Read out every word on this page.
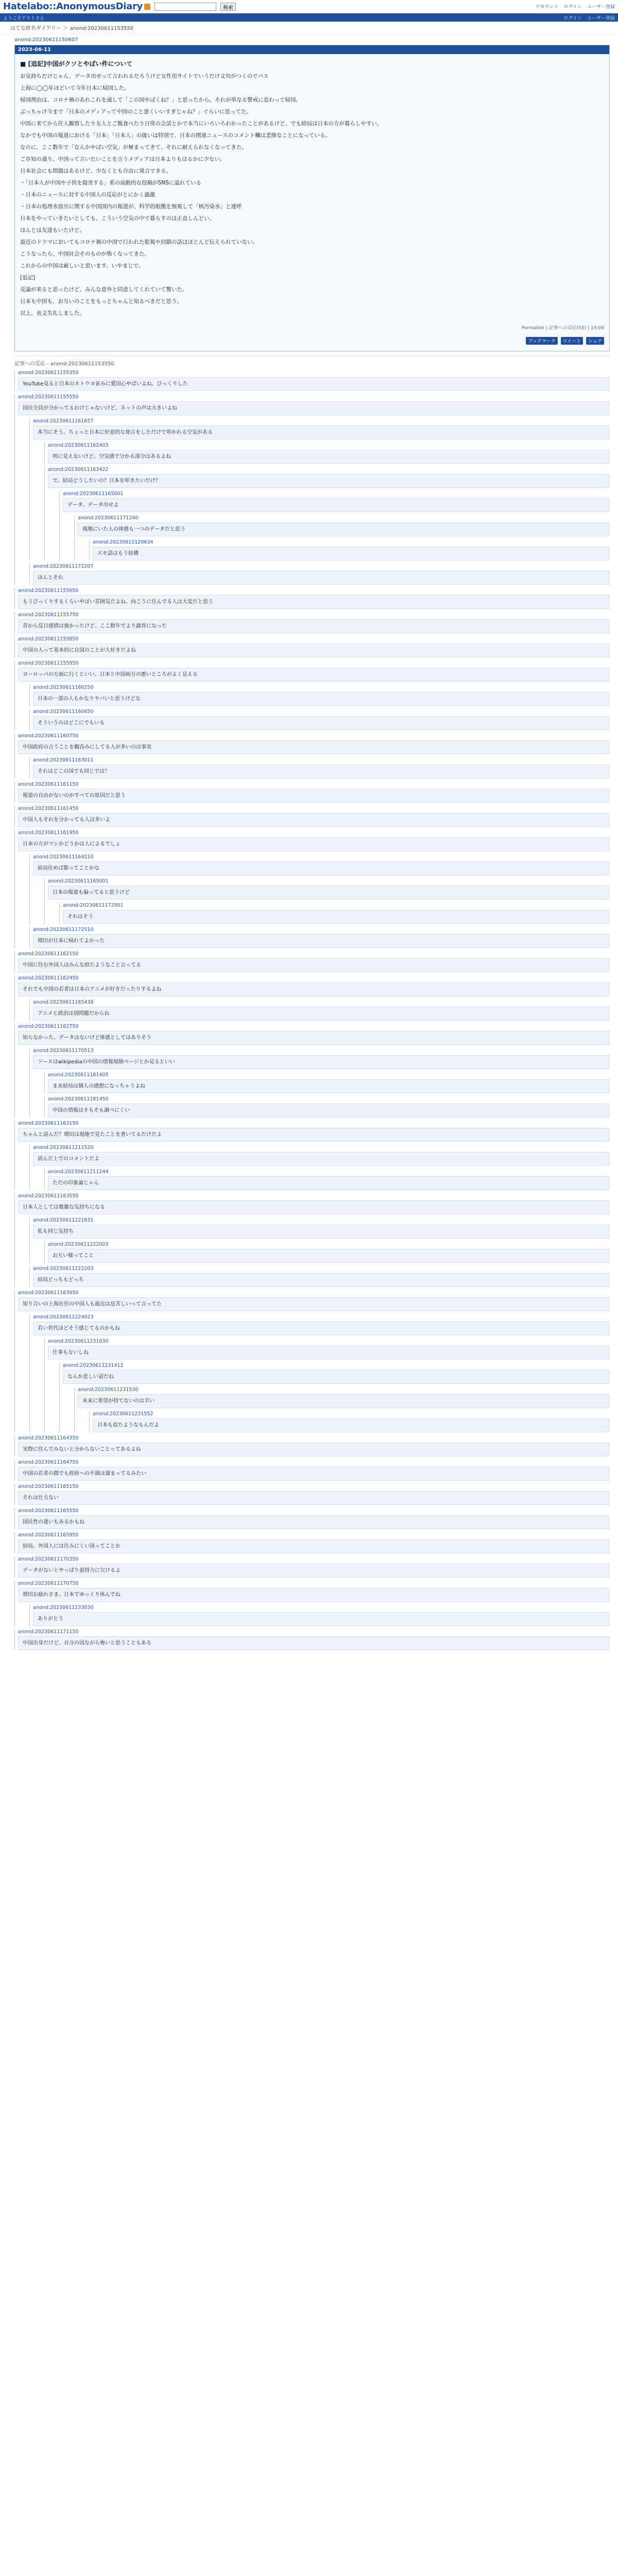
Hatelabo::AnonymousDiary	検索	アカウント ログイン ユーザー登録
ようこそゲストさん	ログイン ユーザー登録
はてな匿名ダイアリー ＞ anond:20230611153550
anond:20230611150607
2023-06-11
■ [追記]中国がクソとやばい件について
お気持ちだけじゃん、データ出せって言われるだろうけど女性用サイトでいうだけ文句がつくのでパス
上海に◯◯年ほどいて今年日本に帰国した。
帰国理由は、コロナ禍のあれこれを通して「この国やばくね？」と思ったから。それが単なる警戒に変わって帰国。
ぶっちゃけ今まで「日本のメディアって中国のこと悪くいいすぎじゃね？」ぐらいに思ってた。
中国に来てから住人観察したり友人とご飯食べたり日常の会話とかで本当にいろいろわかったことがあるけど、でも結局は日本の方が暮らしやすい。
なかでも中国の報道における「日本」「日本人」の扱いは特別で、日本の関連ニュースのコメント欄は悲惨なことになっている。
なのに、ここ数年で「なんかやばい空気」が極まってきて、それに耐えられなくなってきた。
ご存知の通り、中国って言いたいことを言うメディアは日本よりもはるかに少ない。
日本社会にも問題はあるけど、少なくとも自由に発言できる。
・「日本人が中国や子供を殺害する」系の扇動的な投稿がSNSに溢れている
・日本のニュースに対する中国人の反応がとにかく過激
・日本の処理水放出に関する中国国内の報道が、科学的根拠を無視して「核汚染水」と連呼
日本をやっていきたいとしても、こういう空気の中で暮らすのは正直しんどい。
ほんとは友達もいたけど。
最近のドラマにおいてもコロナ禍の中国で行われた監視や封鎖の話はほとんど伝えられていない。
こうなったら、中国社会そのものが怖くなってきた。
これからの中国は厳しいと思います。いやまじで。
[追記]
反論が来ると思ったけど、みんな意外と同意してくれていて驚いた。
日本も中国も、お互いのことをもっとちゃんと知るべきだと思う。
以上、長文失礼しました。
Permalink | 記事への反応(55) | 19:09
ブックマーク	ツイート	シェア
記事への反応 - anond:20230611153550
anond:20230611155350
YouTube見ると日本のネトウヨ並みに愛国心やばいよね、びっくりした
anond:20230611155550
国民全員が分かってるわけじゃないけど、ネットの声は大きいよね
anond:20230611161657
本当にそう。ちょっと日本に好意的な発言をしただけで叩かれる空気がある
anond:20230611162403
明に見えないけど、空気感で分かる部分はあるよね
anond:20230611163422
で、結局どうしたいの？日本を叩きたいだけ？
anond:20230611165001
データ、データ出せよ
anond:20230611171240
現地にいた人の体感も一つのデータだと思う
anond:20230612120634
エモ話はもう結構
anond:20230611172207
ほんとそれ
anond:20230611155650
もうびっくりするくらいやばい雰囲気だよね、向こうに住んでる人は大変だと思う
anond:20230611155750
昔から反日感情は強かったけど、ここ数年でより露骨になった
anond:20230611155850
中国の人って基本的に自国のことが大好きだよね
anond:20230611155950
ヨーロッパの方面に行くといい。日本と中国両方の悪いところがよく見える
anond:20230611160250
日本の一部の人もかなりヤバいと思うけどな
anond:20230611160650
そういうのはどこにでもいる
anond:20230611160750
中国政府の言うことを鵜呑みにしてる人が多いのは事実
anond:20230611163011
それはどこの国でも同じでは？
anond:20230611161150
報道の自由がないのがすべての原因だと思う
anond:20230611161450
中国人もそれを分かってる人は多いよ
anond:20230611161950
日本の方がマシかどうかは人によるでしょ
anond:20230611164210
結局住めば都ってことかな
anond:20230611165001
日本の報道も偏ってると思うけど
anond:20230611172501
それはそう
anond:20230611172510
増田が日本に帰れてよかった
anond:20230611162150
中国に住む外国人はみんな似たようなこと言ってる
anond:20230611162450
それでも中国の若者は日本のアニメが好きだったりするよね
anond:20230611165438
アニメと政治は別問題だからね
anond:20230611162750
知らなかった。データはないけど体感としてはありそう
anond:20230611170513
ソースはwikipediaの中国の情報規制ページとか見るといい
anond:20230611181405
まあ結局は個人の感想になっちゃうよね
anond:20230611181450
中国の情報はそもそも調べにくい
anond:20230611163150
ちゃんと読んだ？増田は現地で見たことを書いてるだけだよ
anond:20230611211520
読んだ上でのコメントだよ
anond:20230611211244
ただの印象論じゃん
anond:20230611163550
日本人としては複雑な気持ちになる
anond:20230611221831
私も同じ気持ち
anond:20230611222003
お互い様ってこと
anond:20230611222203
結局どっちもどっち
anond:20230611163950
知り合いの上海在住の中国人も最近は息苦しいって言ってた
anond:20230611224023
若い世代ほどそう感じてるのかもね
anond:20230611231030
仕事もないしね
anond:20230611231412
なんか悲しい話だね
anond:20230611231530
未来に希望が持てないのは辛い
anond:20230611231552
日本も似たようなもんだよ
anond:20230611164350
実際に住んでみないと分からないことってあるよね
anond:20230611164750
中国の若者の間でも政府への不満は溜まってるみたい
anond:20230611165150
それは仕方ない
anond:20230611165550
国民性の違いもあるかもね
anond:20230611165950
結局、外国人には住みにくい国ってことか
anond:20230611170350
データがないとやっぱり説得力に欠けるよ
anond:20230611170750
増田お疲れさま。日本でゆっくり休んでね
anond:20230611233030
ありがとう
anond:20230611171150
中国出身だけど、自分の国ながら怖いと思うこともある
